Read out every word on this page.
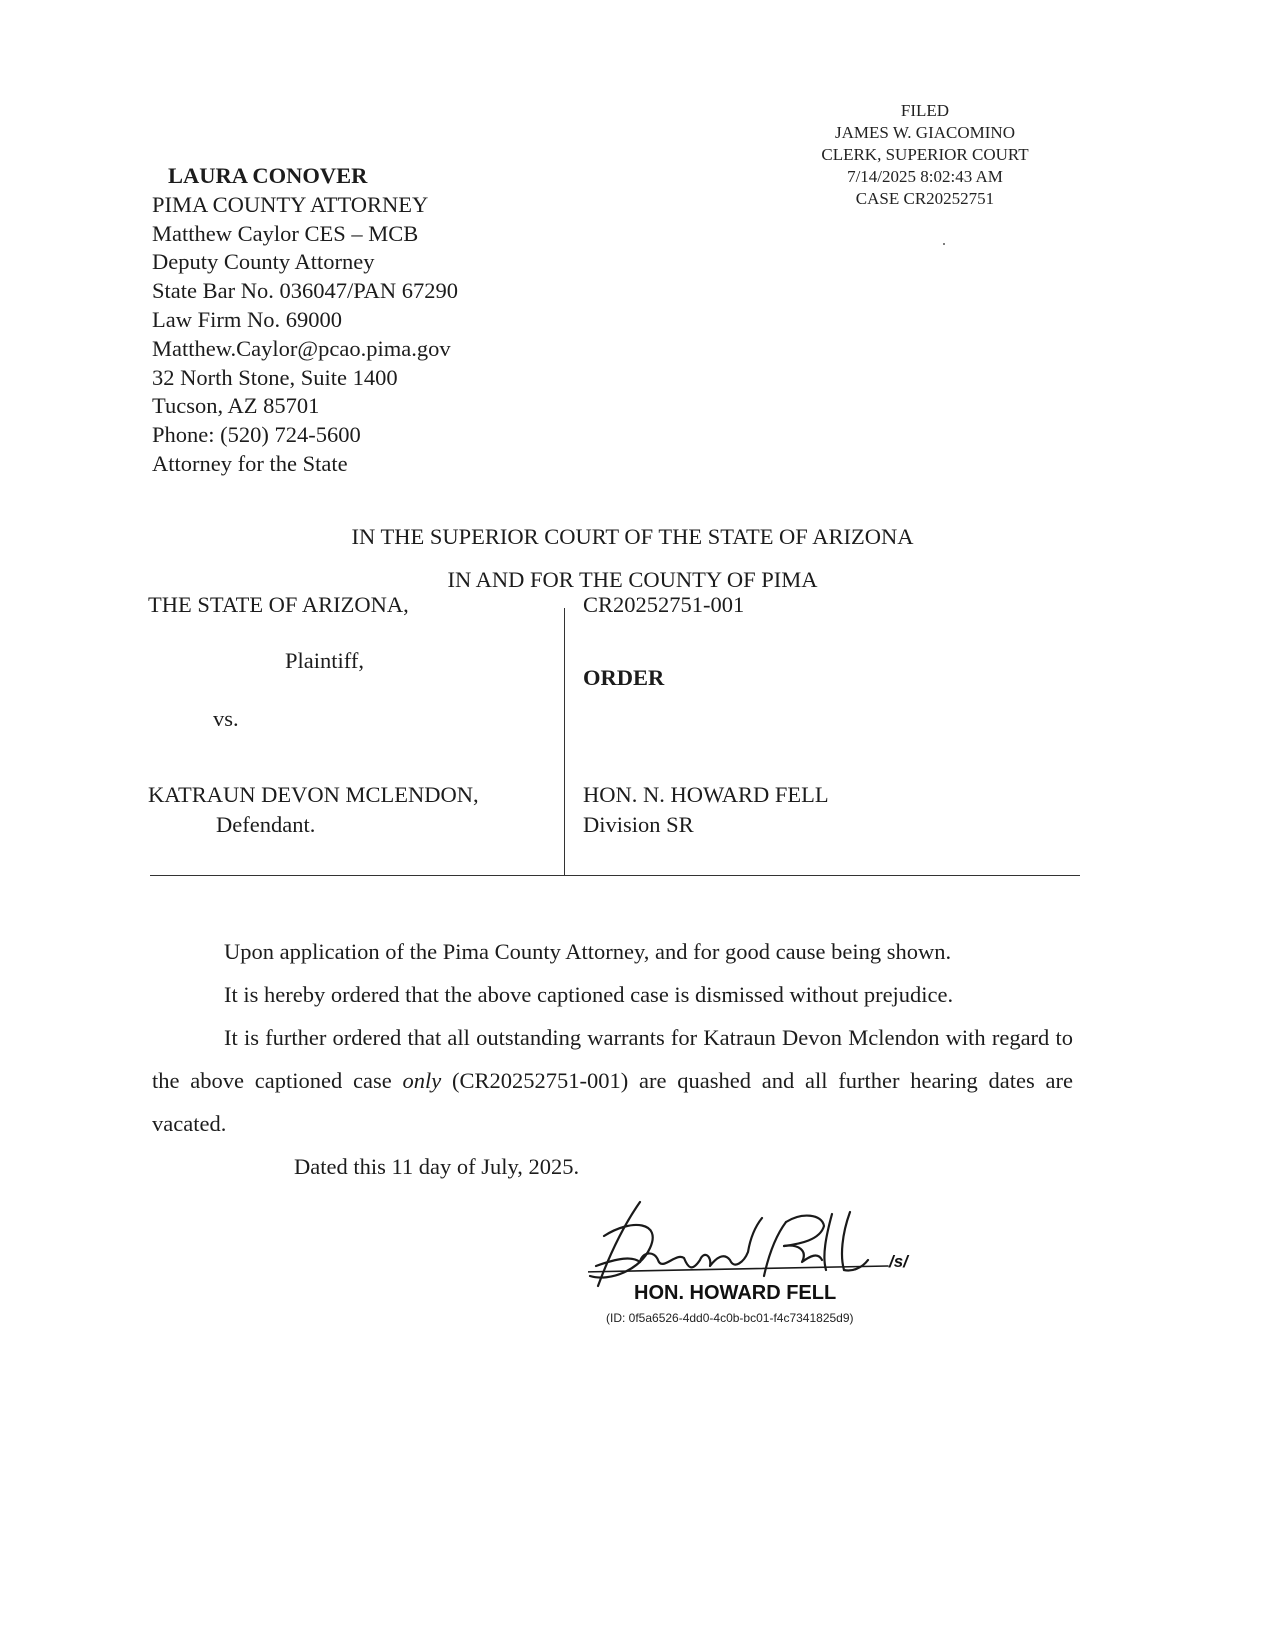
FILED
JAMES W. GIACOMINO
CLERK, SUPERIOR COURT
7/14/2025 8:02:43 AM
CASE CR20252751
LAURA CONOVER
PIMA COUNTY ATTORNEY
Matthew Caylor CES – MCB
Deputy County Attorney
State Bar No. 036047/PAN 67290
Law Firm No. 69000
Matthew.Caylor@pcao.pima.gov
32 North Stone, Suite 1400
Tucson, AZ 85701
Phone: (520) 724-5600
Attorney for the State
IN THE SUPERIOR COURT OF THE STATE OF ARIZONA
IN AND FOR THE COUNTY OF PIMA
THE STATE OF ARIZONA,
Plaintiff,
vs.
KATRAUN DEVON MCLENDON,
Defendant.
CR20252751-001
ORDER
HON. N. HOWARD FELL
Division SR
Upon application of the Pima County Attorney, and for good cause being shown.
It is hereby ordered that the above captioned case is dismissed without prejudice.
It is further ordered that all outstanding warrants for Katraun Devon Mclendon with regard to the above captioned case only (CR20252751-001) are quashed and all further hearing dates are vacated.
Dated this 11 day of July, 2025.
/s/
HON. HOWARD FELL
(ID: 0f5a6526-4dd0-4c0b-bc01-f4c7341825d9)
